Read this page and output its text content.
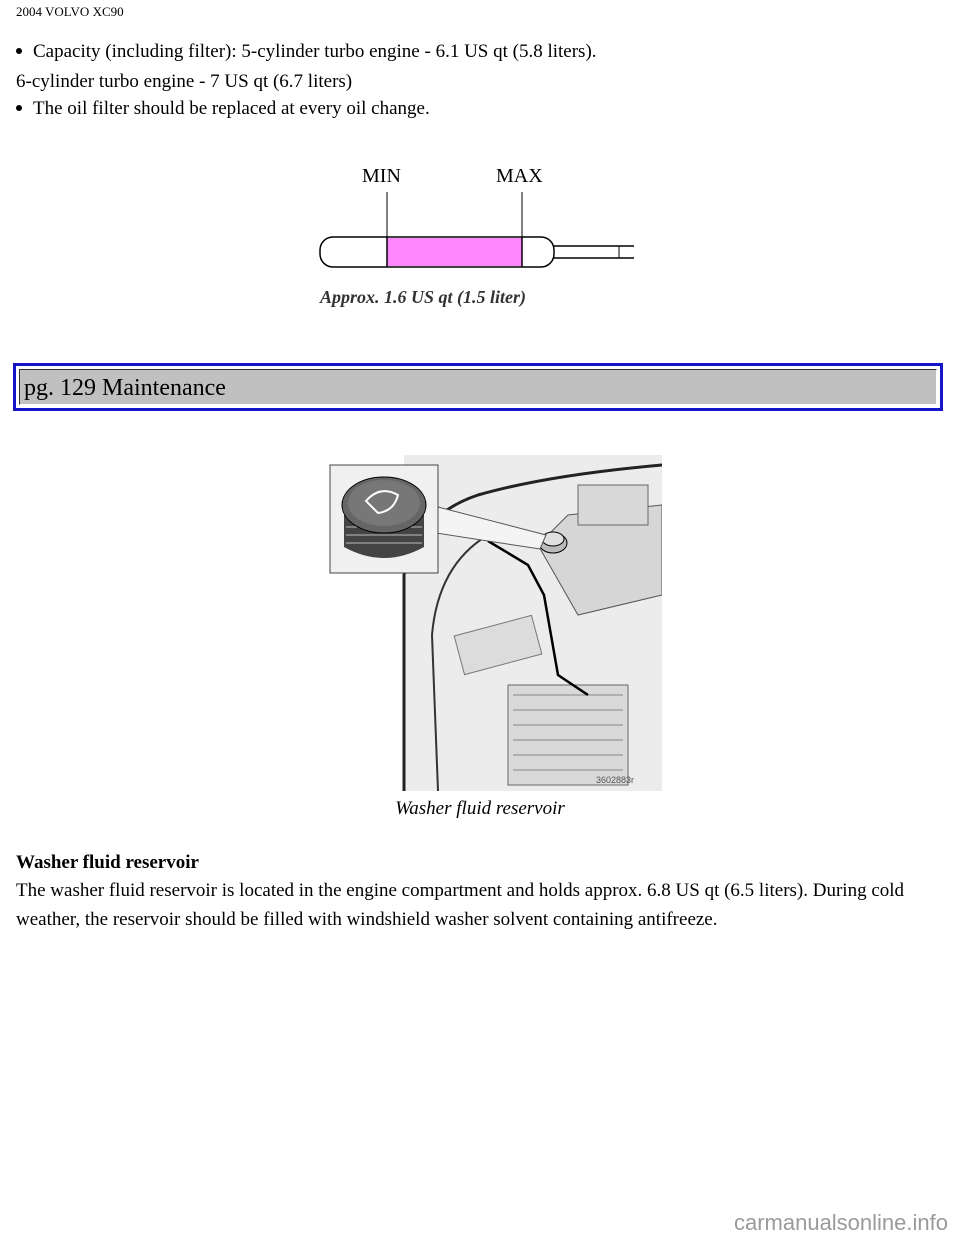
2004 VOLVO XC90
Capacity (including filter): 5-cylinder turbo engine - 6.1 US qt (5.8 liters).
6-cylinder turbo engine - 7 US qt (6.7 liters)
The oil filter should be replaced at every oil change.
MIN	MAX
Approx. 1.6 US qt (1.5 liter)
pg. 129 Maintenance
3602883r
Washer fluid reservoir
Washer fluid reservoir
The washer fluid reservoir is located in the engine compartment and holds approx. 6.8 US qt (6.5 liters). During cold weather, the reservoir should be filled with windshield washer solvent containing antifreeze.
carmanualsonline.info
